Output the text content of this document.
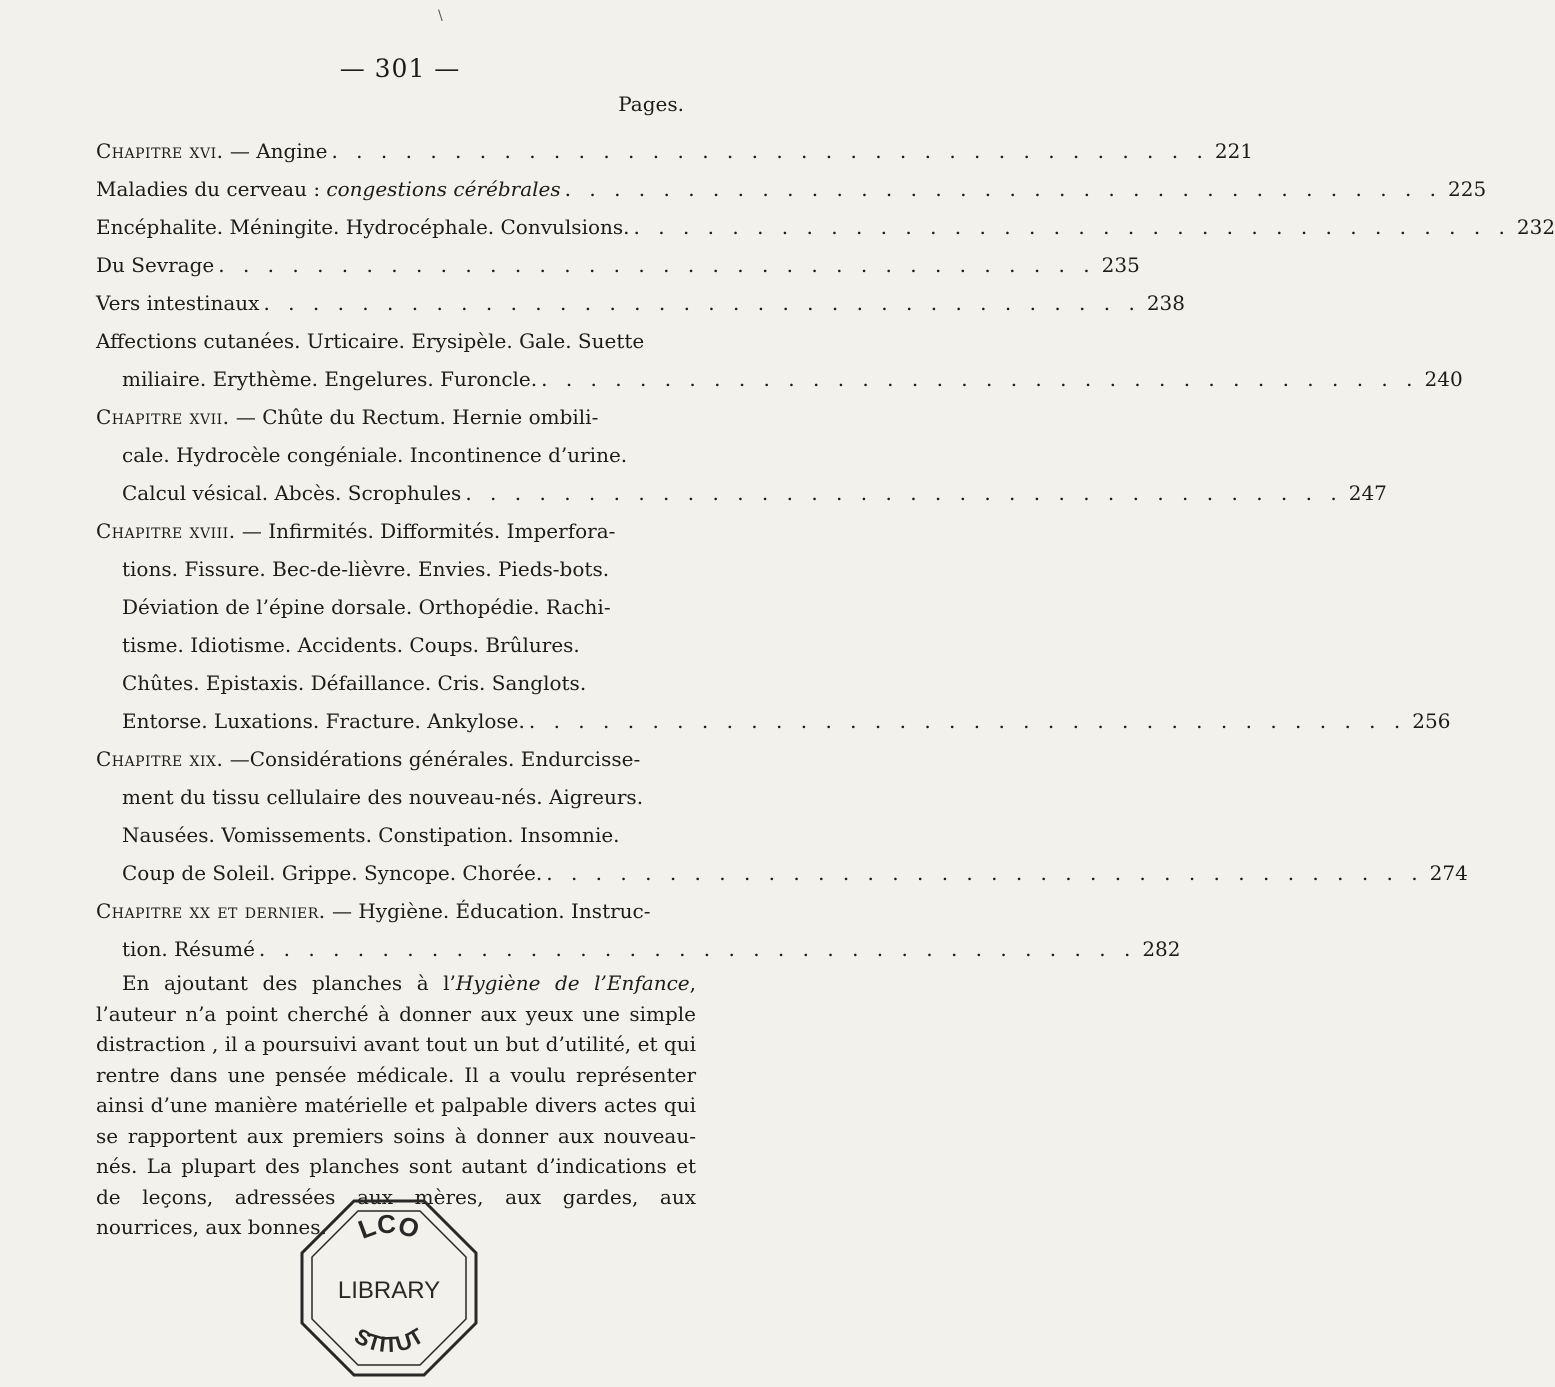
\
— 301 —
Pages.
Chapitre xvi. — Angine . . . . . . . . . . . . . . . . . . . . . . . . . . . . . . . . . . . . 221
Maladies du cerveau : congestions cérébrales . . . . . . . . . . . . . . . . . . . . . . . . . . . . . . . . . . . . 225
Encéphalite. Méningite. Hydrocéphale. Convulsions. . . . . . . . . . . . . . . . . . . . . . . . . . . . . . . . . . . . . 232
Du Sevrage . . . . . . . . . . . . . . . . . . . . . . . . . . . . . . . . . . . . 235
Vers intestinaux . . . . . . . . . . . . . . . . . . . . . . . . . . . . . . . . . . . . 238
Affections cutanées. Urticaire. Erysipèle. Gale. Suette
miliaire. Erythème. Engelures. Furoncle. . . . . . . . . . . . . . . . . . . . . . . . . . . . . . . . . . . . . 240
Chapitre xvii. — Chûte du Rectum. Hernie ombili-
cale. Hydrocèle congéniale. Incontinence d’urine.
Calcul vésical. Abcès. Scrophules . . . . . . . . . . . . . . . . . . . . . . . . . . . . . . . . . . . . 247
Chapitre xviii. — Infirmités. Difformités. Imperfora-
tions. Fissure. Bec-de-lièvre. Envies. Pieds-bots.
Déviation de l’épine dorsale. Orthopédie. Rachi-
tisme. Idiotisme. Accidents. Coups. Brûlures.
Chûtes. Epistaxis. Défaillance. Cris. Sanglots.
Entorse. Luxations. Fracture. Ankylose. . . . . . . . . . . . . . . . . . . . . . . . . . . . . . . . . . . . . 256
Chapitre xix. —Considérations générales. Endurcisse-
ment du tissu cellulaire des nouveau-nés. Aigreurs.
Nausées. Vomissements. Constipation. Insomnie.
Coup de Soleil. Grippe. Syncope. Chorée. . . . . . . . . . . . . . . . . . . . . . . . . . . . . . . . . . . . . 274
Chapitre xx et dernier. — Hygiène. Éducation. Instruc-
tion. Résumé . . . . . . . . . . . . . . . . . . . . . . . . . . . . . . . . . . . . 282
En ajoutant des planches à l’Hygiène de l’Enfance, l’auteur n’a point cherché à donner aux yeux une simple distraction , il a poursuivi avant tout un but d’utilité, et qui rentre dans une pensée médicale. Il a voulu représenter ainsi d’une manière matérielle et palpable divers actes qui se rapportent aux premiers soins à donner aux nouveau-nés. La plupart des planches sont autant d’indications et de leçons, adressées aux mères, aux gardes, aux nourrices, aux bonnes.	LCO
LIBRARY
STITUT
